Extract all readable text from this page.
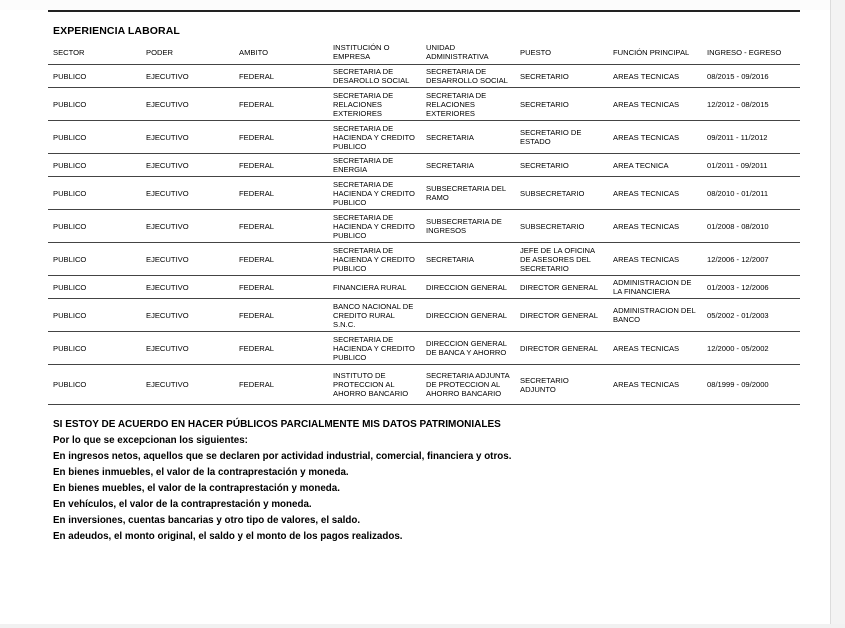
EXPERIENCIA LABORAL
SECTOR	PODER	AMBITO	INSTITUCIÓN O EMPRESA	UNIDAD ADMINISTRATIVA	PUESTO	FUNCIÓN PRINCIPAL	INGRESO - EGRESO
PUBLICO	EJECUTIVO	FEDERAL	SECRETARIA DE DESAROLLO SOCIAL	SECRETARIA DE DESARROLLO SOCIAL	SECRETARIO	AREAS TECNICAS	08/2015 - 09/2016
PUBLICO	EJECUTIVO	FEDERAL	SECRETARIA DE RELACIONES EXTERIORES	SECRETARIA DE RELACIONES EXTERIORES	SECRETARIO	AREAS TECNICAS	12/2012 - 08/2015
PUBLICO	EJECUTIVO	FEDERAL	SECRETARIA DE HACIENDA Y CREDITO PUBLICO	SECRETARIA	SECRETARIO DE ESTADO	AREAS TECNICAS	09/2011 - 11/2012
PUBLICO	EJECUTIVO	FEDERAL	SECRETARIA DE ENERGIA	SECRETARIA	SECRETARIO	AREA TECNICA	01/2011 - 09/2011
PUBLICO	EJECUTIVO	FEDERAL	SECRETARIA DE HACIENDA Y CREDITO PUBLICO	SUBSECRETARIA DEL RAMO	SUBSECRETARIO	AREAS TECNICAS	08/2010 - 01/2011
PUBLICO	EJECUTIVO	FEDERAL	SECRETARIA DE HACIENDA Y CREDITO PUBLICO	SUBSECRETARIA DE INGRESOS	SUBSECRETARIO	AREAS TECNICAS	01/2008 - 08/2010
PUBLICO	EJECUTIVO	FEDERAL	SECRETARIA DE HACIENDA Y CREDITO PUBLICO	SECRETARIA	JEFE DE LA OFICINA DE ASESORES DEL SECRETARIO	AREAS TECNICAS	12/2006 - 12/2007
PUBLICO	EJECUTIVO	FEDERAL	FINANCIERA RURAL	DIRECCION GENERAL	DIRECTOR GENERAL	ADMINISTRACION DE LA FINANCIERA	01/2003 - 12/2006
PUBLICO	EJECUTIVO	FEDERAL	BANCO NACIONAL DE CREDITO RURAL S.N.C.	DIRECCION GENERAL	DIRECTOR GENERAL	ADMINISTRACION DEL BANCO	05/2002 - 01/2003
PUBLICO	EJECUTIVO	FEDERAL	SECRETARIA DE HACIENDA Y CREDITO PUBLICO	DIRECCION GENERAL DE BANCA Y AHORRO	DIRECTOR GENERAL	AREAS TECNICAS	12/2000 - 05/2002
PUBLICO	EJECUTIVO	FEDERAL	INSTITUTO DE PROTECCION AL AHORRO BANCARIO	SECRETARIA ADJUNTA DE PROTECCION AL AHORRO BANCARIO	SECRETARIO ADJUNTO	AREAS TECNICAS	08/1999 - 09/2000
SI ESTOY DE ACUERDO EN HACER PÚBLICOS PARCIALMENTE MIS DATOS PATRIMONIALES
Por lo que se excepcionan los siguientes:
En ingresos netos, aquellos que se declaren por actividad industrial, comercial, financiera y otros.
En bienes inmuebles, el valor de la contraprestación y moneda.
En bienes muebles, el valor de la contraprestación y moneda.
En vehículos, el valor de la contraprestación y moneda.
En inversiones, cuentas bancarias y otro tipo de valores, el saldo.
En adeudos, el monto original, el saldo y el monto de los pagos realizados.
